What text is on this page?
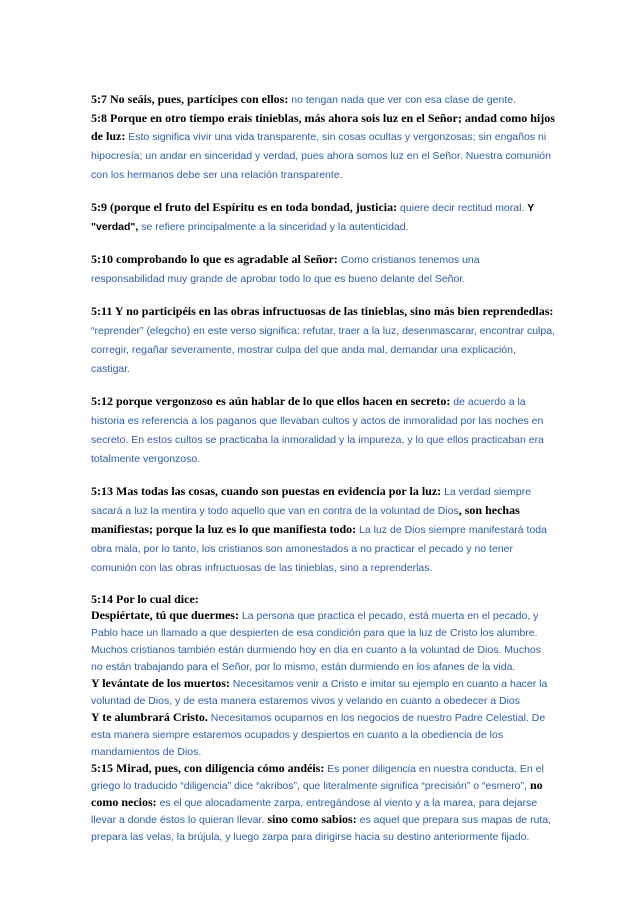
5:7 No seáis, pues, partícipes con ellos: no tengan nada que ver con esa clase de gente.

5:8 Porque en otro tiempo erais tinieblas, más ahora sois luz en el Señor; andad como hijos de luz: Esto significa vivir una vida transparente, sin cosas ocultas y vergonzosas; sin engaños ni hipocresía; un andar en sinceridad y verdad, pues ahora somos luz en el Señor. Nuestra comunión con los hermanos debe ser una relación transparente.

5:9 (porque el fruto del Espíritu es en toda bondad, justicia: quiere decir rectitud moral. Y "verdad", se refiere principalmente a la sinceridad y la autenticidad.

5:10 comprobando lo que es agradable al Señor: Como cristianos tenemos una responsabilidad muy grande de aprobar todo lo que es bueno delante del Señor.

5:11 Y no participéis en las obras infructuosas de las tinieblas, sino más bien reprendedlas: “reprender” (elegcho) en este verso significa: refutar, traer a la luz, desenmascarar, encontrar culpa, corregir, regañar severamente, mostrar culpa del que anda mal, demandar una explicación, castigar.

5:12 porque vergonzoso es aún hablar de lo que ellos hacen en secreto: de acuerdo a la historia es referencia a los paganos que llevaban cultos y actos de inmoralidad por las noches en secreto. En estos cultos se practicaba la inmoralidad y la impureza, y lo que ellos practicaban era totalmente vergonzoso.

5:13 Mas todas las cosas, cuando son puestas en evidencia por la luz: La verdad siempre sacará a luz la mentira y todo aquello que van en contra de la voluntad de Dios, son hechas manifiestas; porque la luz es lo que manifiesta todo: La luz de Dios siempre manifestará toda obra mala, por lo tanto, los cristianos son amonestados a no practicar el pecado y no tener comunión con las obras infructuosas de las tinieblas, sino a reprenderlas.

5:14 Por lo cual dice:

Despiértate, tú que duermes: La persona que practica el pecado, está muerta en el pecado, y Pablo hace un llamado a que despierten de esa condición para que la luz de Cristo los alumbre. Muchos cristianos también están durmiendo hoy en día en cuanto a la voluntad de Dios. Muchos no están trabajando para el Señor, por lo mismo, están durmiendo en los afanes de la vida.

Y levántate de los muertos: Necesitamos venir a Cristo e imitar su ejemplo en cuanto a hacer la voluntad de Dios, y de esta manera estaremos vivos y velando en cuanto a obedecer a Dios

Y te alumbrará Cristo. Necesitamos ocuparnos en los negocios de nuestro Padre Celestial. De esta manera siempre estaremos ocupados y despiertos en cuanto a la obediencia de los mandamientos de Dios.

5:15 Mirad, pues, con diligencia cómo andéis: Es poner diligencia en nuestra conducta. En el griego lo traducido “diligencia” dice “akribos”, que literalmente significa “precisión” o “esmero”, no como necios: es el que alocadamente zarpa, entregándose al viento y a la marea, para dejarse llevar a donde éstos lo quieran llevar. sino como sabios: es aquel que prepara sus mapas de ruta, prepara las velas, la brújula, y luego zarpa para dirigirse hacia su destino anteriormente fijado.
